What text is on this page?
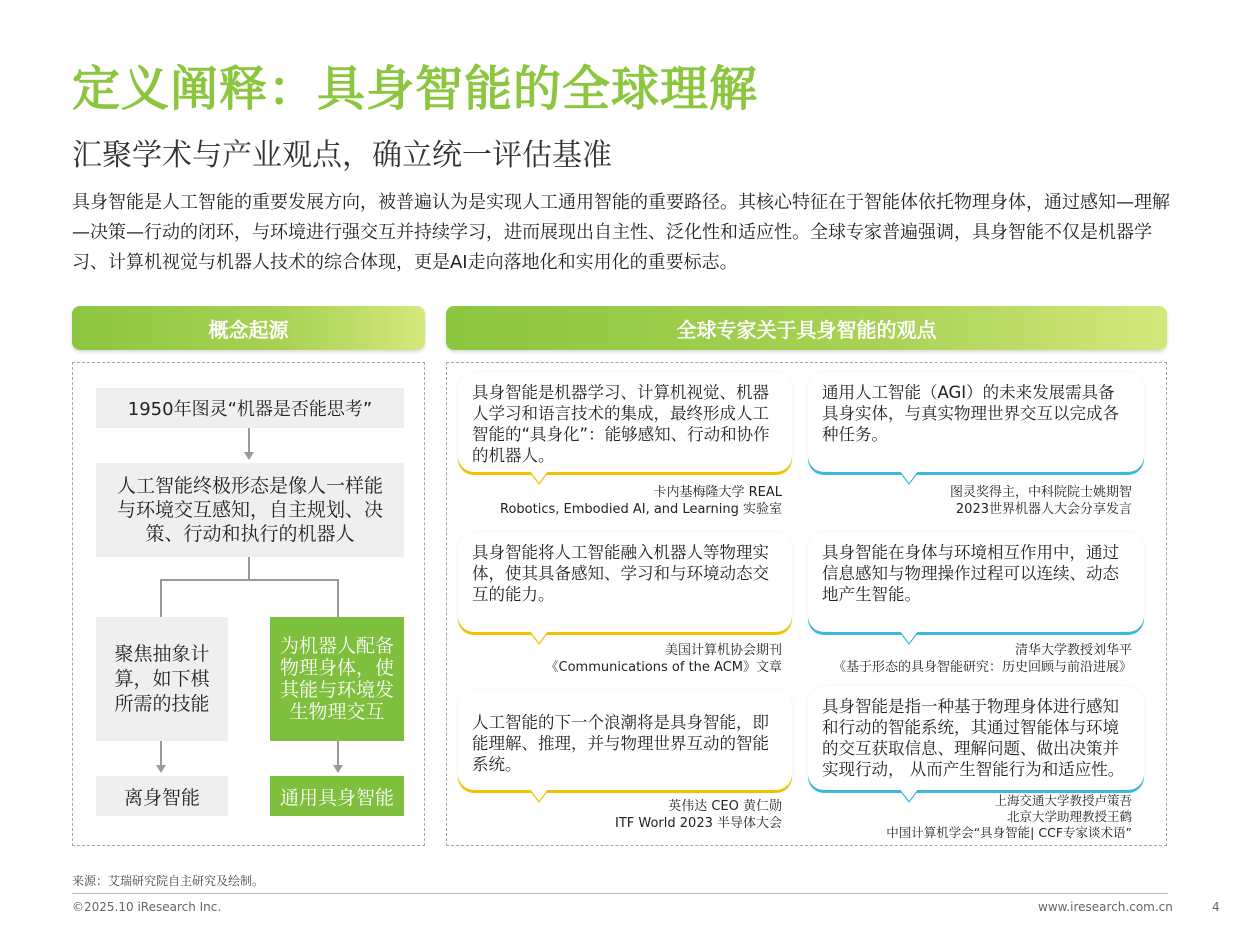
定义阐释：具身智能的全球理解
汇聚学术与产业观点，确立统一评估基准
具身智能是人工智能的重要发展方向，被普遍认为是实现人工通用智能的重要路径。其核心特征在于智能体依托物理身体，通过感知—理解—决策—行动的闭环，与环境进行强交互并持续学习，进而展现出自主性、泛化性和适应性。全球专家普遍强调，具身智能不仅是机器学习、计算机视觉与机器人技术的综合体现，更是AI走向落地化和实用化的重要标志。
概念起源
1950年图灵“机器是否能思考”
人工智能终极形态是像人一样能与环境交互感知，自主规划、决策、行动和执行的机器人
聚焦抽象计算，如下棋所需的技能
为机器人配备物理身体，使其能与环境发生物理交互
离身智能	通用具身智能
全球专家关于具身智能的观点
具身智能是机器学习、计算机视觉、机器人学习和语言技术的集成，最终形成人工智能的“具身化”：能够感知、行动和协作的机器人。
卡内基梅隆大学 REAL
Robotics, Embodied AI, and Learning 实验室
通用人工智能（AGI）的未来发展需具备具身实体，与真实物理世界交互以完成各种任务。
图灵奖得主，中科院院士姚期智
2023世界机器人大会分享发言
具身智能将人工智能融入机器人等物理实体，使其具备感知、学习和与环境动态交互的能力。
美国计算机协会期刊
《Communications of the ACM》文章
具身智能在身体与环境相互作用中，通过信息感知与物理操作过程可以连续、动态地产生智能。
清华大学教授刘华平
《基于形态的具身智能研究：历史回顾与前沿进展》
人工智能的下一个浪潮将是具身智能，即能理解、推理，并与物理世界互动的智能系统。
英伟达 CEO 黄仁勋
ITF World 2023 半导体大会
具身智能是指一种基于物理身体进行感知和行动的智能系统，其通过智能体与环境的交互获取信息、理解问题、做出决策并实现行动， 从而产生智能行为和适应性。
上海交通大学教授卢策吾
北京大学助理教授王鹤
中国计算机学会“具身智能| CCF专家谈术语”
来源：艾瑞研究院自主研究及绘制。
©2025.10 iResearch Inc.	www.iresearch.com.cn	4
